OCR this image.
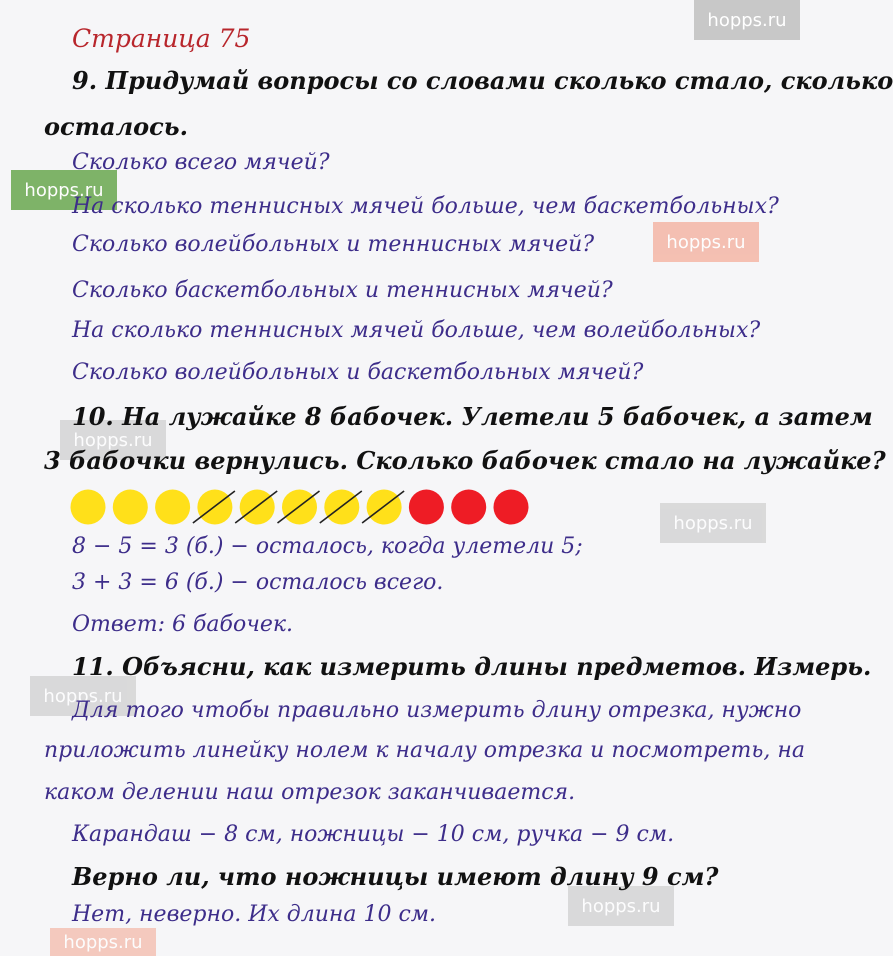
hopps.ru
hopps.ru
hopps.ru
hopps.ru
hopps.ru
hopps.ru
hopps.ru
hopps.ru
Страница 75
9. Придумай вопросы со словами сколько стало, сколько
осталось.
Сколько всего мячей?
На сколько теннисных мячей больше, чем баскетбольных?
Сколько волейбольных и теннисных мячей?
Сколько баскетбольных и теннисных мячей?
На сколько теннисных мячей больше, чем волейбольных?
Сколько волейбольных и баскетбольных мячей?
10. На лужайке 8 бабочек. Улетели 5 бабочек, а затем
3 бабочки вернулись. Сколько бабочек стало на лужайке?
8 − 5 = 3 (б.) − осталось, когда улетели 5;
3 + 3 = 6 (б.) − осталось всего.
Ответ: 6 бабочек.
11. Объясни, как измерить длины предметов. Измерь.
Для того чтобы правильно измерить длину отрезка, нужно
приложить линейку нолем к началу отрезка и посмотреть, на
каком делении наш отрезок заканчивается.
Карандаш − 8 см, ножницы − 10 см, ручка − 9 см.
Верно ли, что ножницы имеют длину 9 см?
Нет, неверно. Их длина 10 см.
